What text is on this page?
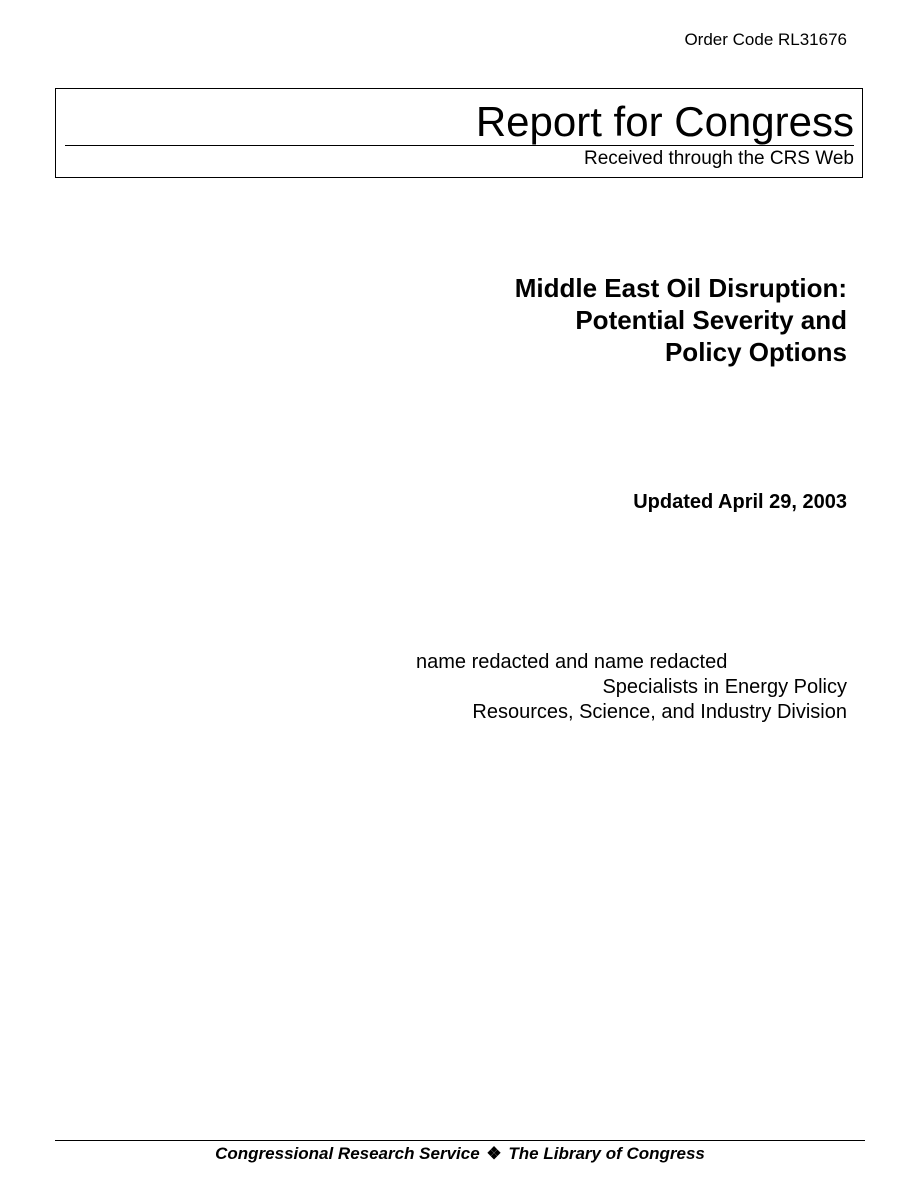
Order Code RL31676
Report for Congress
Received through the CRS Web
Middle East Oil Disruption:
Potential Severity and
Policy Options
Updated April 29, 2003
name redacted and name redacted
Specialists in Energy Policy
Resources, Science, and Industry Division
Congressional Research Service ❖ The Library of Congress
